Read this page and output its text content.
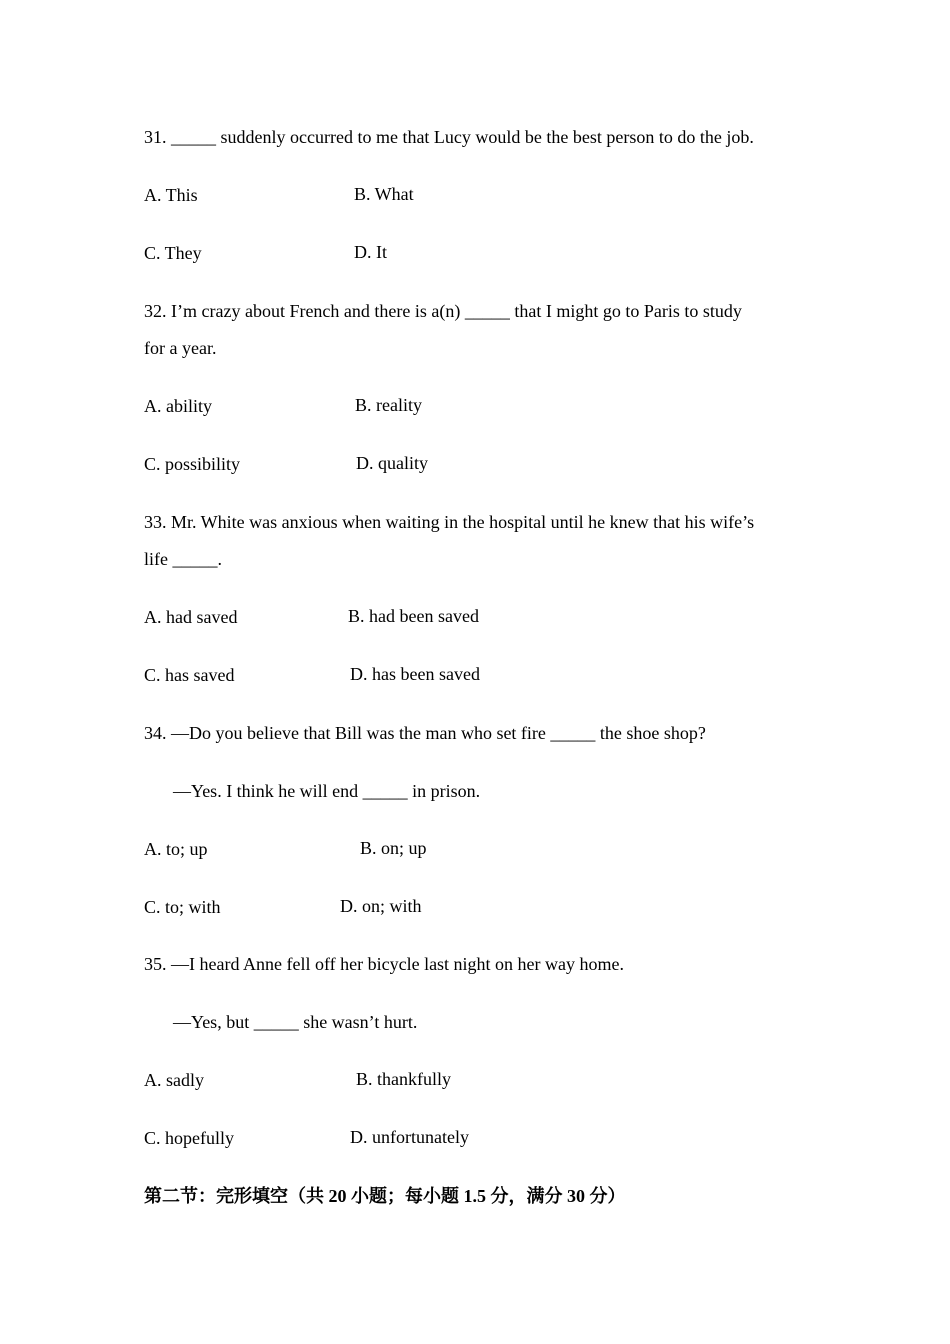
31. _____ suddenly occurred to me that Lucy would be the best person to do the job.
A. This	B. What
C. They	D. It
32. I’m crazy about French and there is a(n) _____ that I might go to Paris to study
for a year.
A. ability	B. reality
C. possibility	D. quality
33. Mr. White was anxious when waiting in the hospital until he knew that his wife’s
life _____.
A. had saved	B. had been saved
C. has saved	D. has been saved
34. —Do you believe that Bill was the man who set fire _____ the shoe shop?
—Yes. I think he will end _____ in prison.
A. to; up	B. on; up
C. to; with	D. on; with
35. —I heard Anne fell off her bicycle last night on her way home.
—Yes, but _____ she wasn’t hurt.
A. sadly	B. thankfully
C. hopefully	D. unfortunately
第二节：完形填空（共 20 小题；每小题 1.5 分，满分 30 分）
